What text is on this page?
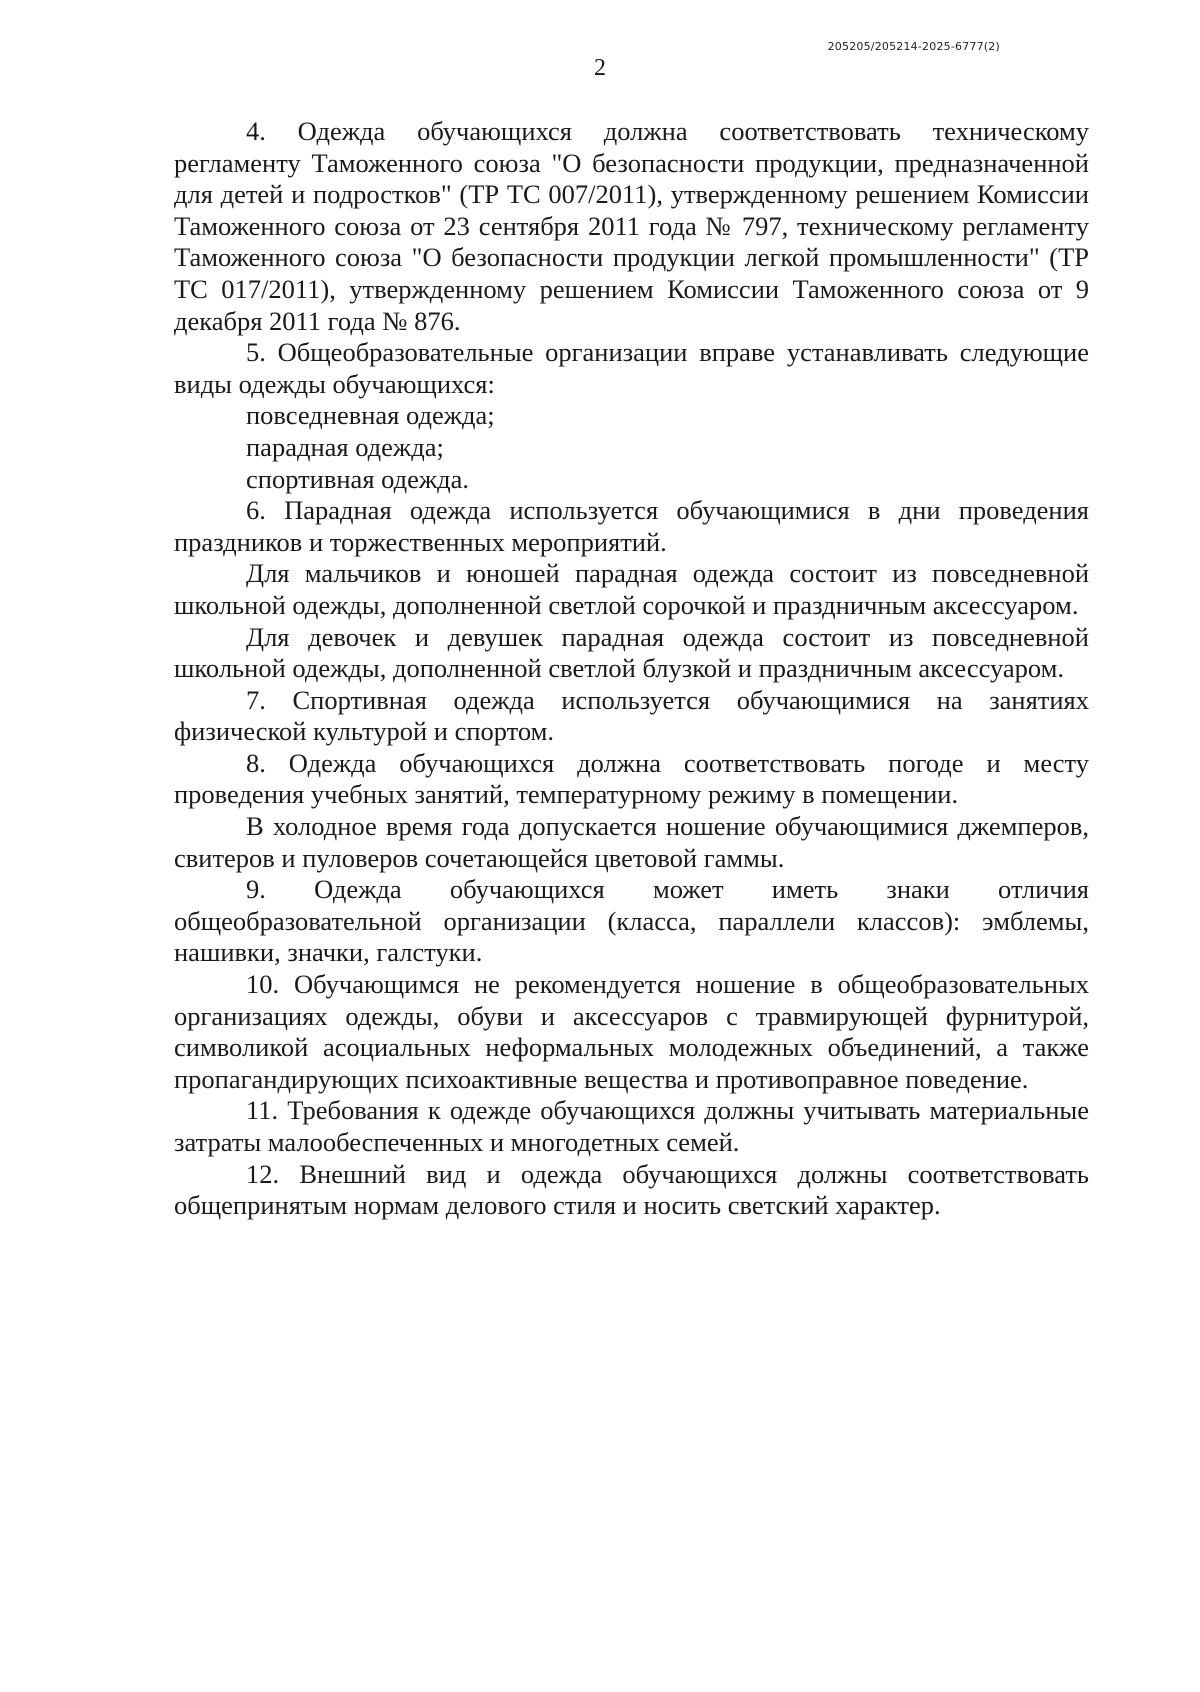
205205/205214-2025-6777(2)
2

4. Одежда обучающихся должна соответствовать техническому регламенту Таможенного союза "О безопасности продукции, предназначенной для детей и подростков" (ТР ТС 007/2011), утвержденному решением Комиссии Таможенного союза от 23 сентября 2011 года № 797, техническому регламенту Таможенного союза "О безопасности продукции легкой промышленности" (ТР ТС 017/2011), утвержденному решением Комиссии Таможенного союза от 9 декабря 2011 года № 876.

5. Общеобразовательные организации вправе устанавливать следующие виды одежды обучающихся:

повседневная одежда;

парадная одежда;

спортивная одежда.

6. Парадная одежда используется обучающимися в дни проведения праздников и торжественных мероприятий.

Для мальчиков и юношей парадная одежда состоит из повседневной школьной одежды, дополненной светлой сорочкой и праздничным аксессуаром.

Для девочек и девушек парадная одежда состоит из повседневной школьной одежды, дополненной светлой блузкой и праздничным аксессуаром.

7. Спортивная одежда используется обучающимися на занятиях физической культурой и спортом.

8. Одежда обучающихся должна соответствовать погоде и месту проведения учебных занятий, температурному режиму в помещении.

В холодное время года допускается ношение обучающимися джемперов, свитеров и пуловеров сочетающейся цветовой гаммы.

9. Одежда обучающихся может иметь знаки отличия общеобразовательной организации (класса, параллели классов): эмблемы, нашивки, значки, галстуки.

10. Обучающимся не рекомендуется ношение в общеобразовательных организациях одежды, обуви и аксессуаров с травмирующей фурнитурой, символикой асоциальных неформальных молодежных объединений, а также пропагандирующих психоактивные вещества и противоправное поведение.

11. Требования к одежде обучающихся должны учитывать материальные затраты малообеспеченных и многодетных семей.

12. Внешний вид и одежда обучающихся должны соответствовать общепринятым нормам делового стиля и носить светский характер.
